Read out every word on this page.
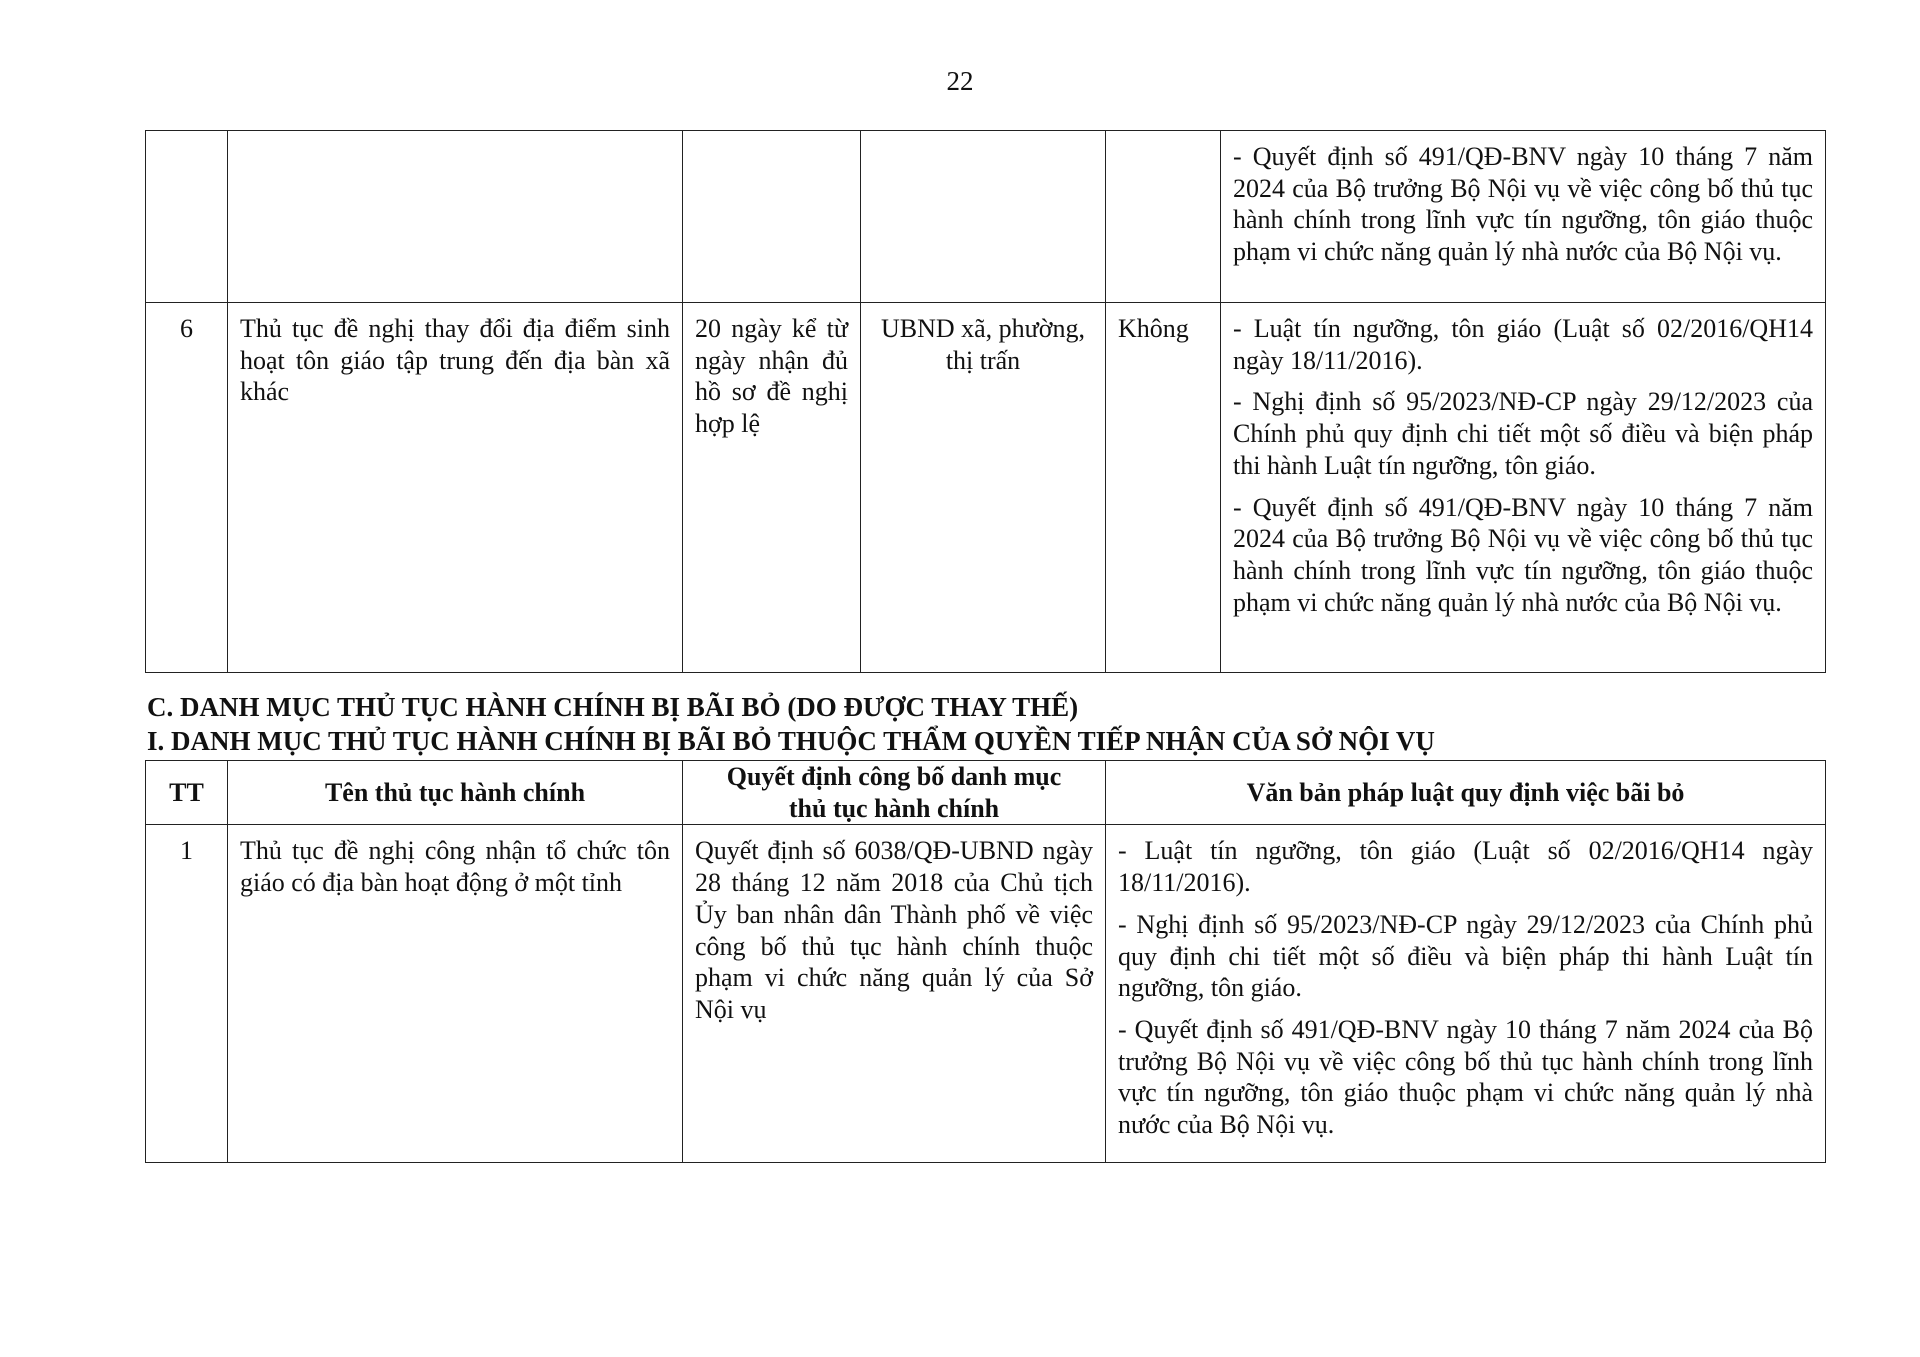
22

					- Quyết định số 491/QĐ-BNV ngày 10 tháng 7 năm 2024 của Bộ trưởng Bộ Nội vụ về việc công bố thủ tục hành chính trong lĩnh vực tín ngưỡng, tôn giáo thuộc phạm vi chức năng quản lý nhà nước của Bộ Nội vụ.

6	Thủ tục đề nghị thay đổi địa điểm sinh hoạt tôn giáo tập trung đến địa bàn xã khác	20 ngày kể từ ngày nhận đủ hồ sơ đề nghị hợp lệ	UBND xã, phường, thị trấn	Không	- Luật tín ngưỡng, tôn giáo (Luật số 02/2016/QH14 ngày 18/11/2016).
- Nghị định số 95/2023/NĐ-CP ngày 29/12/2023 của Chính phủ quy định chi tiết một số điều và biện pháp thi hành Luật tín ngưỡng, tôn giáo.
- Quyết định số 491/QĐ-BNV ngày 10 tháng 7 năm 2024 của Bộ trưởng Bộ Nội vụ về việc công bố thủ tục hành chính trong lĩnh vực tín ngưỡng, tôn giáo thuộc phạm vi chức năng quản lý nhà nước của Bộ Nội vụ.
C. DANH MỤC THỦ TỤC HÀNH CHÍNH BỊ BÃI BỎ (DO ĐƯỢC THAY THẾ)
I. DANH MỤC THỦ TỤC HÀNH CHÍNH BỊ BÃI BỎ THUỘC THẨM QUYỀN TIẾP NHẬN CỦA SỞ NỘI VỤ
TT	Tên thủ tục hành chính	Quyết định công bố danh mục thủ tục hành chính	Văn bản pháp luật quy định việc bãi bỏ

1	Thủ tục đề nghị công nhận tổ chức tôn giáo có địa bàn hoạt động ở một tỉnh	Quyết định số 6038/QĐ-UBND ngày 28 tháng 12 năm 2018 của Chủ tịch Ủy ban nhân dân Thành phố về việc công bố thủ tục hành chính thuộc phạm vi chức năng quản lý của Sở Nội vụ	- Luật tín ngưỡng, tôn giáo (Luật số 02/2016/QH14 ngày 18/11/2016).
- Nghị định số 95/2023/NĐ-CP ngày 29/12/2023 của Chính phủ quy định chi tiết một số điều và biện pháp thi hành Luật tín ngưỡng, tôn giáo.
- Quyết định số 491/QĐ-BNV ngày 10 tháng 7 năm 2024 của Bộ trưởng Bộ Nội vụ về việc công bố thủ tục hành chính trong lĩnh vực tín ngưỡng, tôn giáo thuộc phạm vi chức năng quản lý nhà nước của Bộ Nội vụ.
